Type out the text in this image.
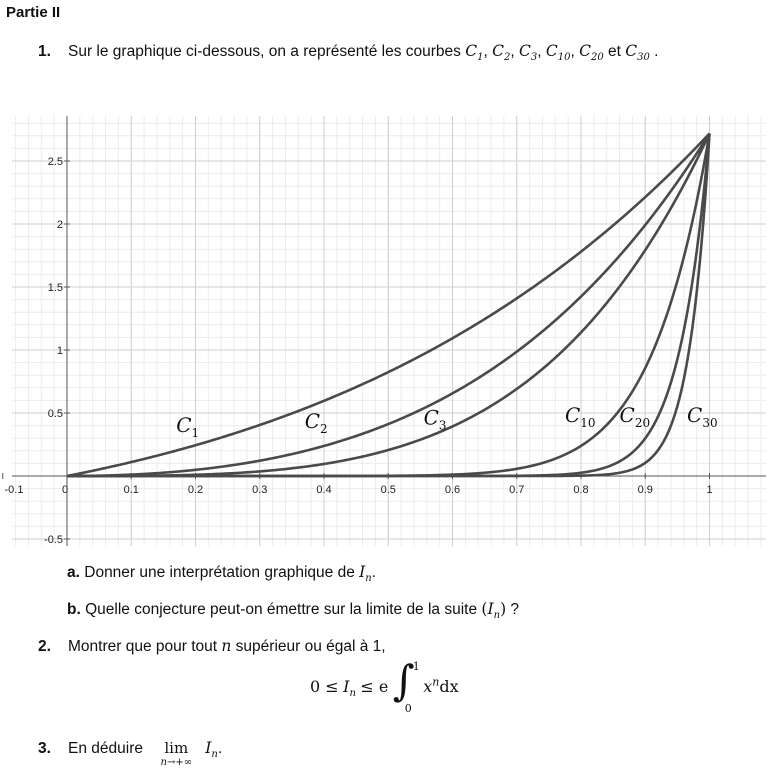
Partie II
1. Sur le graphique ci-dessous, on a représenté les courbes $C_1$, $C_2$, $C_3$, $C_{10}$, $C_{20}$ et $C_{30}$ .
-0.1	0	0.1	0.2	0.3	0.4	0.5	0.6	0.7	0.8	0.9	1
2.5
2
1.5
1
0.5
-0.5
$C_1$	$C_2$	$C_3$	$C_{10}$ $C_{20}$ $C_{30}$
a. Donner une interprétation graphique de $I_n$.
b. Quelle conjecture peut-on émettre sur la limite de la suite $(I_n)$ ?
2. Montrer que pour tout n supérieur ou égal à 1,
$0 \le I_n \le e$ ∫
1
0
$x^ndx$
3. En déduire lim
n→+∞
$I_n$.
